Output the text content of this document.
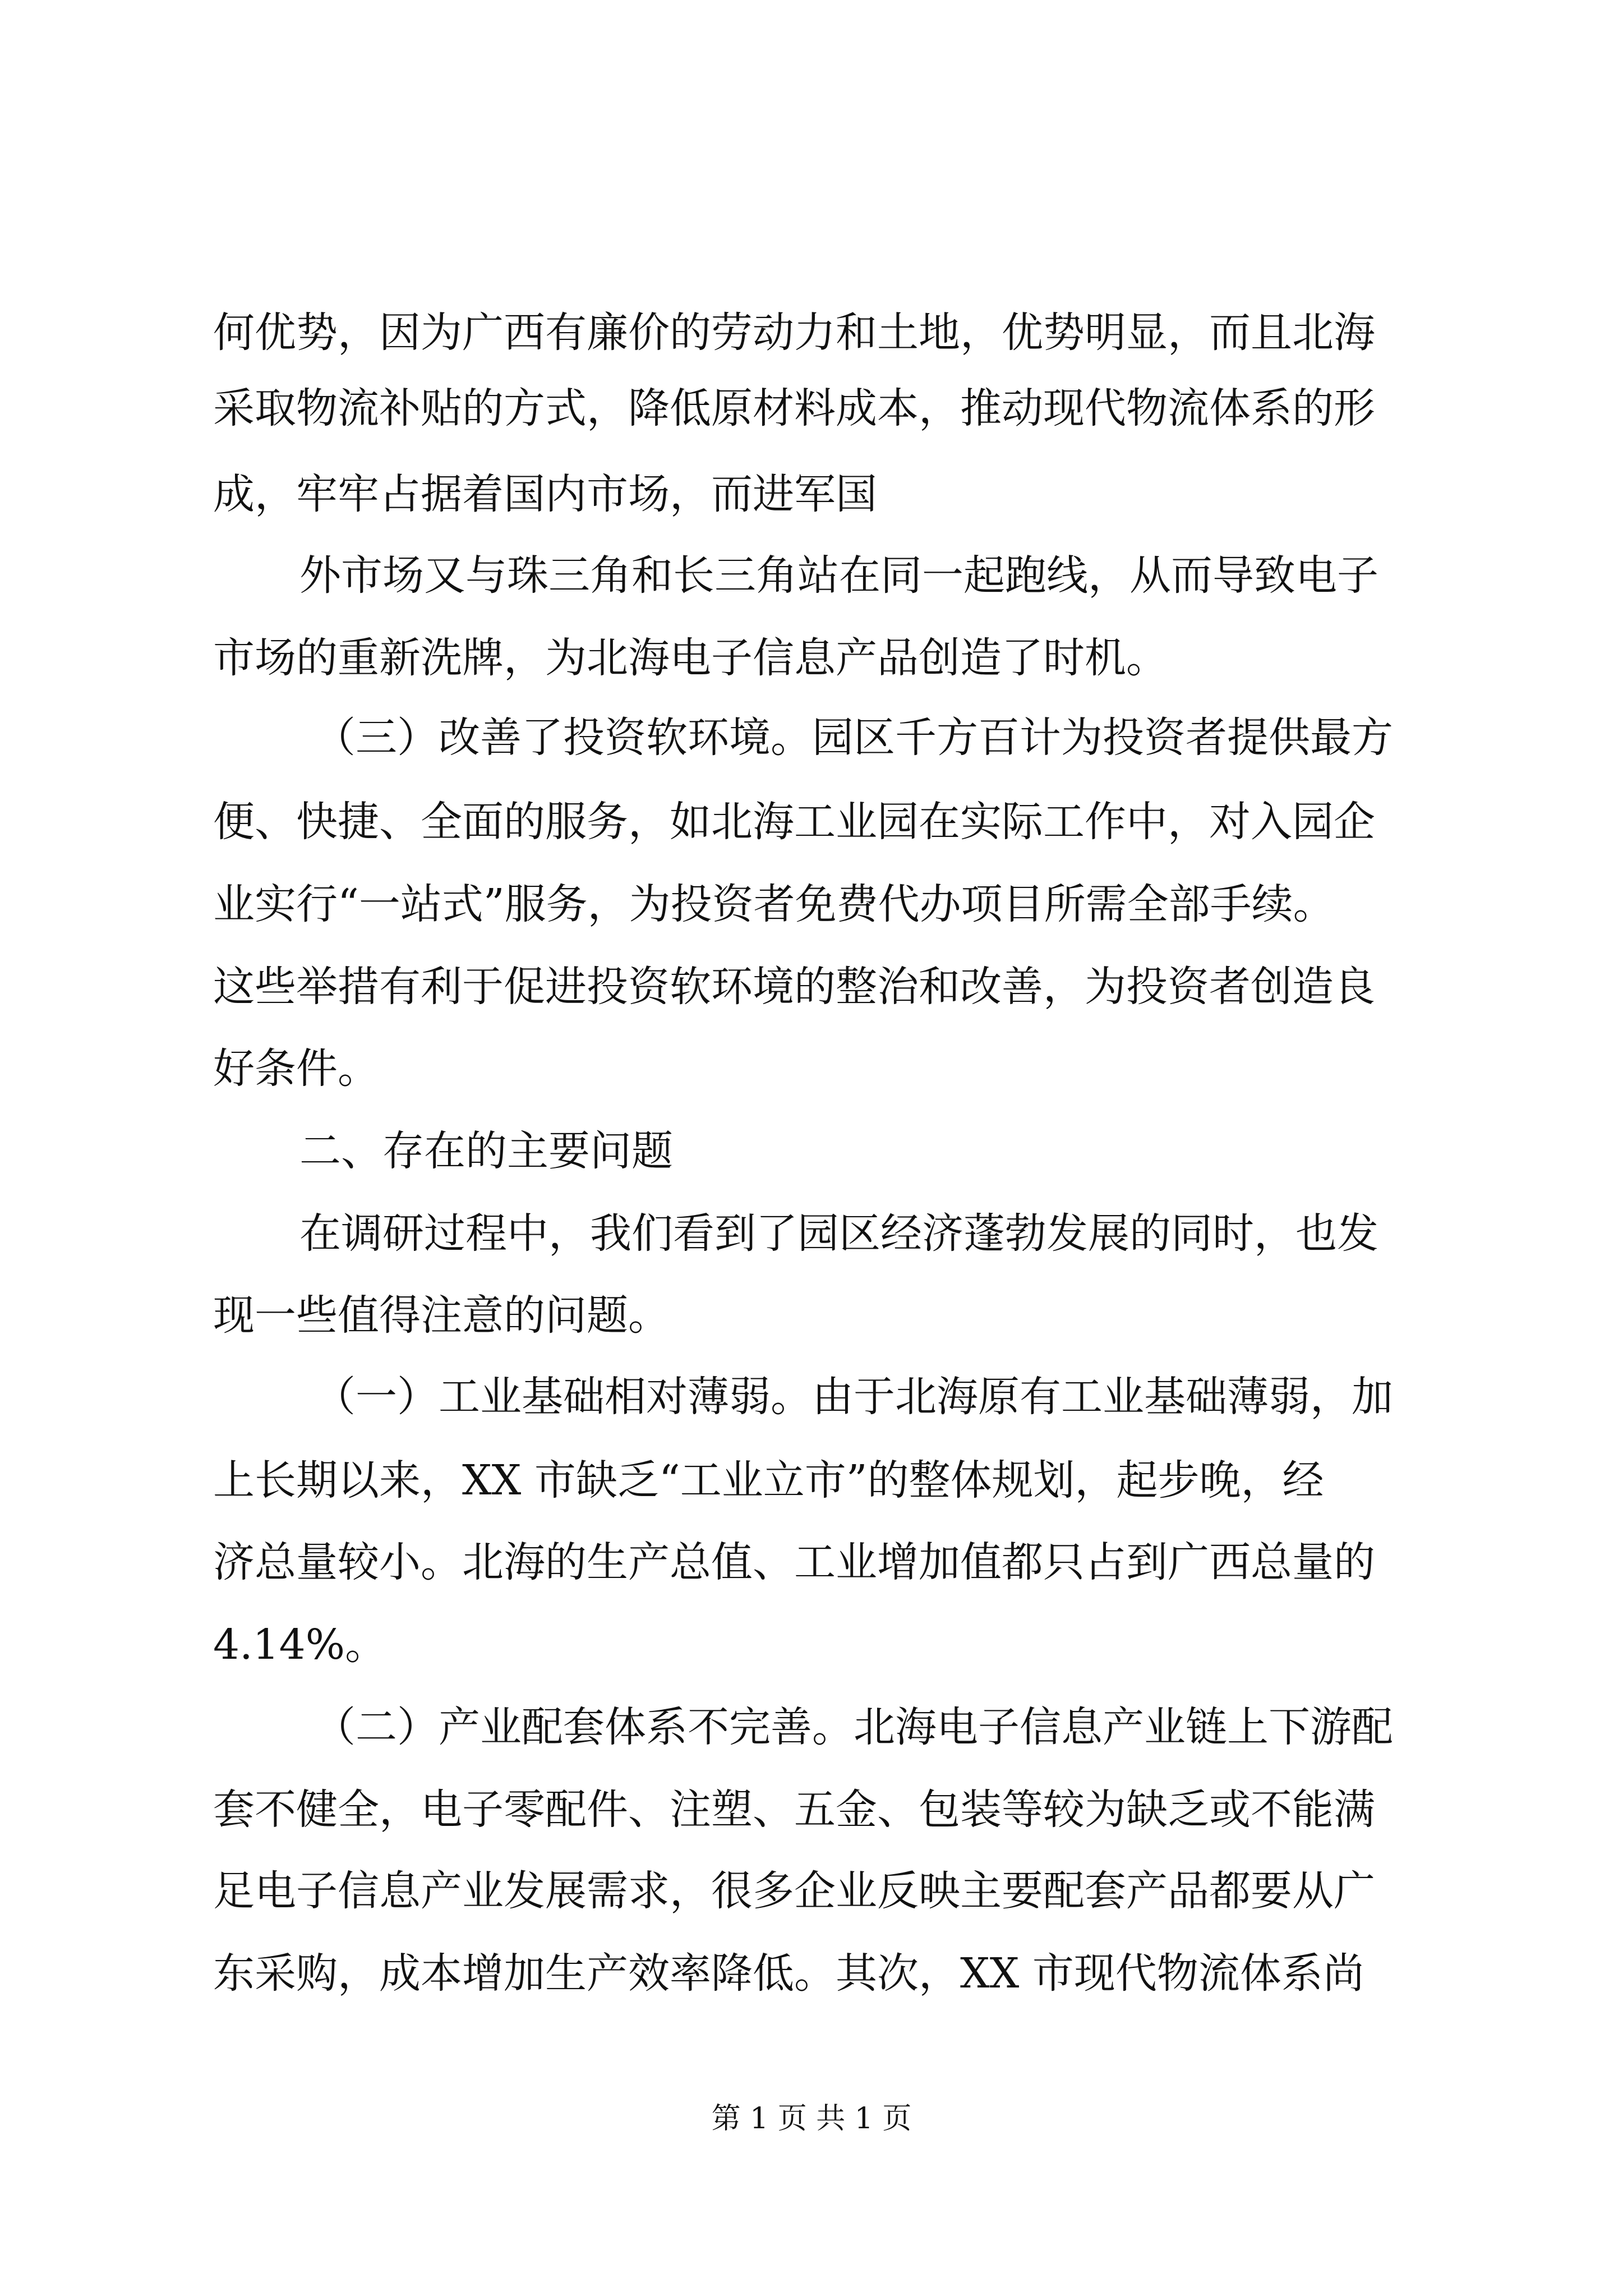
何优势，因为广西有廉价的劳动力和土地，优势明显，而且北海
采取物流补贴的方式，降低原材料成本，推动现代物流体系的形
成，牢牢占据着国内市场，而进军国
外市场又与珠三角和长三角站在同一起跑线，从而导致电子
市场的重新洗牌，为北海电子信息产品创造了时机。
（三）改善了投资软环境。园区千方百计为投资者提供最方
便、快捷、全面的服务，如北海工业园在实际工作中，对入园企
业实行“一站式”服务，为投资者免费代办项目所需全部手续。
这些举措有利于促进投资软环境的整治和改善，为投资者创造良
好条件。
二、存在的主要问题
在调研过程中，我们看到了园区经济蓬勃发展的同时，也发
现一些值得注意的问题。
（一）工业基础相对薄弱。由于北海原有工业基础薄弱，加
上长期以来，XX 市缺乏“工业立市”的整体规划，起步晚，经
济总量较小。北海的生产总值、工业增加值都只占到广西总量的
4.14%。
（二）产业配套体系不完善。北海电子信息产业链上下游配
套不健全，电子零配件、注塑、五金、包装等较为缺乏或不能满
足电子信息产业发展需求，很多企业反映主要配套产品都要从广
东采购，成本增加生产效率降低。其次，XX 市现代物流体系尚
第 1 页 共 1 页
